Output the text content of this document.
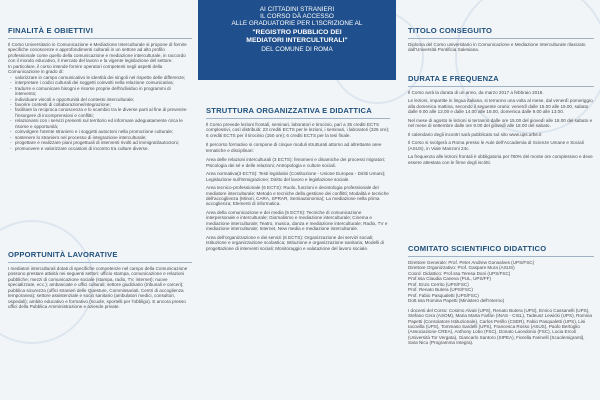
FINALITÀ E OBIETTIVI
Il Corso Universitario in Comunicazione e Mediazione Interculturale si propone di fornire specifiche conoscenze e approfondimenti culturali in un settore ad alto profilo professionale come quello della comunicazione e mediazione interculturale, in raccordo con il mondo educativo, il mercato del lavoro e la vigente legislazione del settore.
In particolare, il corso intende fornire operatori competenti negli aspetti della Comunicazione in grado di:
- valorizzare in campo comunicativo le identità dei singoli nel rispetto delle differenze;
- interpretare i codici culturali dei soggetti coinvolti nella relazione comunicativa;
- tradurre e comunicare bisogni e risorse proprie dell'individuo in programmi di intervento;
- individuare vincoli e opportunità del contesto interculturale;
- favorire contesti di collaborazione/integrazione;
- facilitare la reciproca conoscenza e lo scambio tra le diverse parti al fine di prevenire l'insorgere di incomprensioni e conflitti;
- relazionarsi con i servizi presenti sul territorio ed informare adeguatamente circa le risorse e opportunità;
- coinvolgere l'utente straniero e i soggetti autoctoni nella promozione culturale;
- sostenere lo straniero nel processo di integrazione interculturale;
- progettare e realizzare piani progettuali di interventi rivolti ad immigrati/autoctoni;
- promuovere e valorizzare occasioni di incontro tra culture diverse.
OPPORTUNITÀ LAVORATIVE
I mediatori interculturali dotati di specifiche competenze nel campo della Comunicazione possono prestare attività nei seguenti settori: ufficio stampa, comunicazione e relazioni pubbliche; mezzi di comunicazione sociale (stampa, radio, TV, internet); nuove specializzate, ecc.); ambasciate e uffici culturali; settore giudiziario (tribunali e carceri); pubblica sicurezza (uffici stranieri delle Questure, Commissariati, Centri di accoglienza temporanea); settore assistenziale e socio sanitario (ambulatori medici, consultori, ospedali); ambito educativo e formativo (scuole, sportelli per l'obbligo). E ancora presso uffici della Pubblica Amministrazione e aziende private.
AI CITTADINI STRANIERI
IL CORSO DÀ ACCESSO
ALLE GRADUATORIE PER L'ISCRIZIONE AL
"REGISTRO PUBBLICO DEI
MEDIATORI INTERCULTURALI"
DEL COMUNE DI ROMA
STRUTTURA ORGANIZZATIVA E DIDATTICA
Il Corso prevede lezioni frontali, seminari, laboratori e tirocinio, pari a 35 crediti ECTS complessivi, così distribuiti: 23 crediti ECTS per le lezioni, i seminari, i laboratori (325 ore); 6 crediti ECTS per il tirocinio (150 ore); 6 crediti ECTS per la tesi finale.
Il percorso formativo si compone di cinque moduli strutturati attorno ad altrettante aree tematiche e disciplinari:
Area delle relazioni interculturali (3 ECTS): fenomeni e dinamiche dei processi migratori; Psicologia dei sé e delle relazioni; Antropologia e culture sociali.
Area normativa(3 ECTS): Testi legislativi (Costituzione - Unione Europea - Diritti Umani); Legislazione sull'immigrazione; Diritto del lavoro e legislazione sociale.
Area tecnico-professionale (6 ECTS): Ruolo, funzioni e deontologia professionale del mediatore interculturale; Metodo e tecniche della gestione dei conflitti; Modalità e tecniche dell'accoglienza (Minori, CARA, SPRAR, Semiautonomia); La mediazione nella prima accoglienza; Elementi di informatica.
Area della comunicazione e dei media (5 ECTS): Tecniche di comunicazione interpersonale e interculturale; Giornalismo e mediazione interculturale; Cinema e mediazione interculturale; Teatro, musica, danza e mediazione interculturale; Radio, TV e mediazione interculturale; Internet, New media e mediazione interculturale.
Area dell'organizzazione e dei servizi (6 ECTS): Organizzazione dei servizi sociali; Istituzione e organizzazione scolastica; Istituzione e organizzazione sanitaria; Modelli di progettazione di interventi sociali; Monitoraggio e valutazione del lavoro sociale.
TITOLO CONSEGUITO
Diploma del Corso universitario in Comunicazione e Mediazione Interculturale rilasciato dall'Università Pontificia Salesiana.
DURATA E FREQUENZA
Il Corso avrà la durata di un anno, da marzo 2017 a febbraio 2018.
Le lezioni, impartite in lingua italiana, si terranno una volta al mese, dal venerdì pomeriggio alla domenica mattina, secondo il seguente orario: venerdì dalle 15.00 alle 19.00, sabato dalle 9.00 alle 13.00 e dalle 14.00 alle 18.00, domenica dalle 9.00 alle 13.00.
Nel mese di agosto le lezioni si terranno dalle ore 15.00 del giovedì alle 18.00 del sabato e nel mese di settembre dalle ore 9.00 del giovedì alle 18.00 del sabato.
Il calendario degli incontri sarà pubblicato sul sito www.ups.urbe.it
Il Corso si svolgerà a Roma presso le Aule dell'Accademia di Scienze Umane e Sociali (ASUS), in Viale Manzoni 24c.
La frequenza alle lezioni frontali è obbligatoria per l'80% del monte ore complessivo e deve essere attestata con le firme degli iscritti.
COMITATO SCIENTIFICO DIDATTICO
Direttore Generale: Prof. Peter Andrew Gonsalves (UPS/FSC)
Direttore Organizzativo: Prof. Gaspare Mura (ASUS)
Coord. Didattico: Prof.ssa Teresa Doni (UPS/FSC)
Prof.ssa Claudia Caneva (PUL, UPS/FF)
Prof. Enzo Cerrito (UPS/FSC)
Prof. Renato Butera (UPS/FSC)
Prof. Fabio Pasqualetti (UPS/FSC)
Dott.ssa Romina Papetti (Ministero dell'Interno)
I docenti del Corso: Cosimo Alvati (UPS), Renato Butera (UPS), Enrico Cassanelli (UPS), Stefano Cera (ASOM), Maria Marta Farfán (INAS - CISL), Tadeusz Lewicki (UPS), Romina Papetti (Consolatore Istituzionale), Carlos Perillo (CSER), Fabio Pasqualetti (UPS), Lisi Iacovilla (UPS), Tommaso Sardelli (UPS), Francesca Rosso (ASUS), Paolo Bertoglio (Associazione CREA), Anthony Lobo (FSC), Donato Lacedonio (FSC), Lucia Ercoli (Università Tor Vergata), Giancarlo Santoro (SIPEA), Fiorella Farinelli (Scuolemigranti), Sara Nicu (Programma Integra).
